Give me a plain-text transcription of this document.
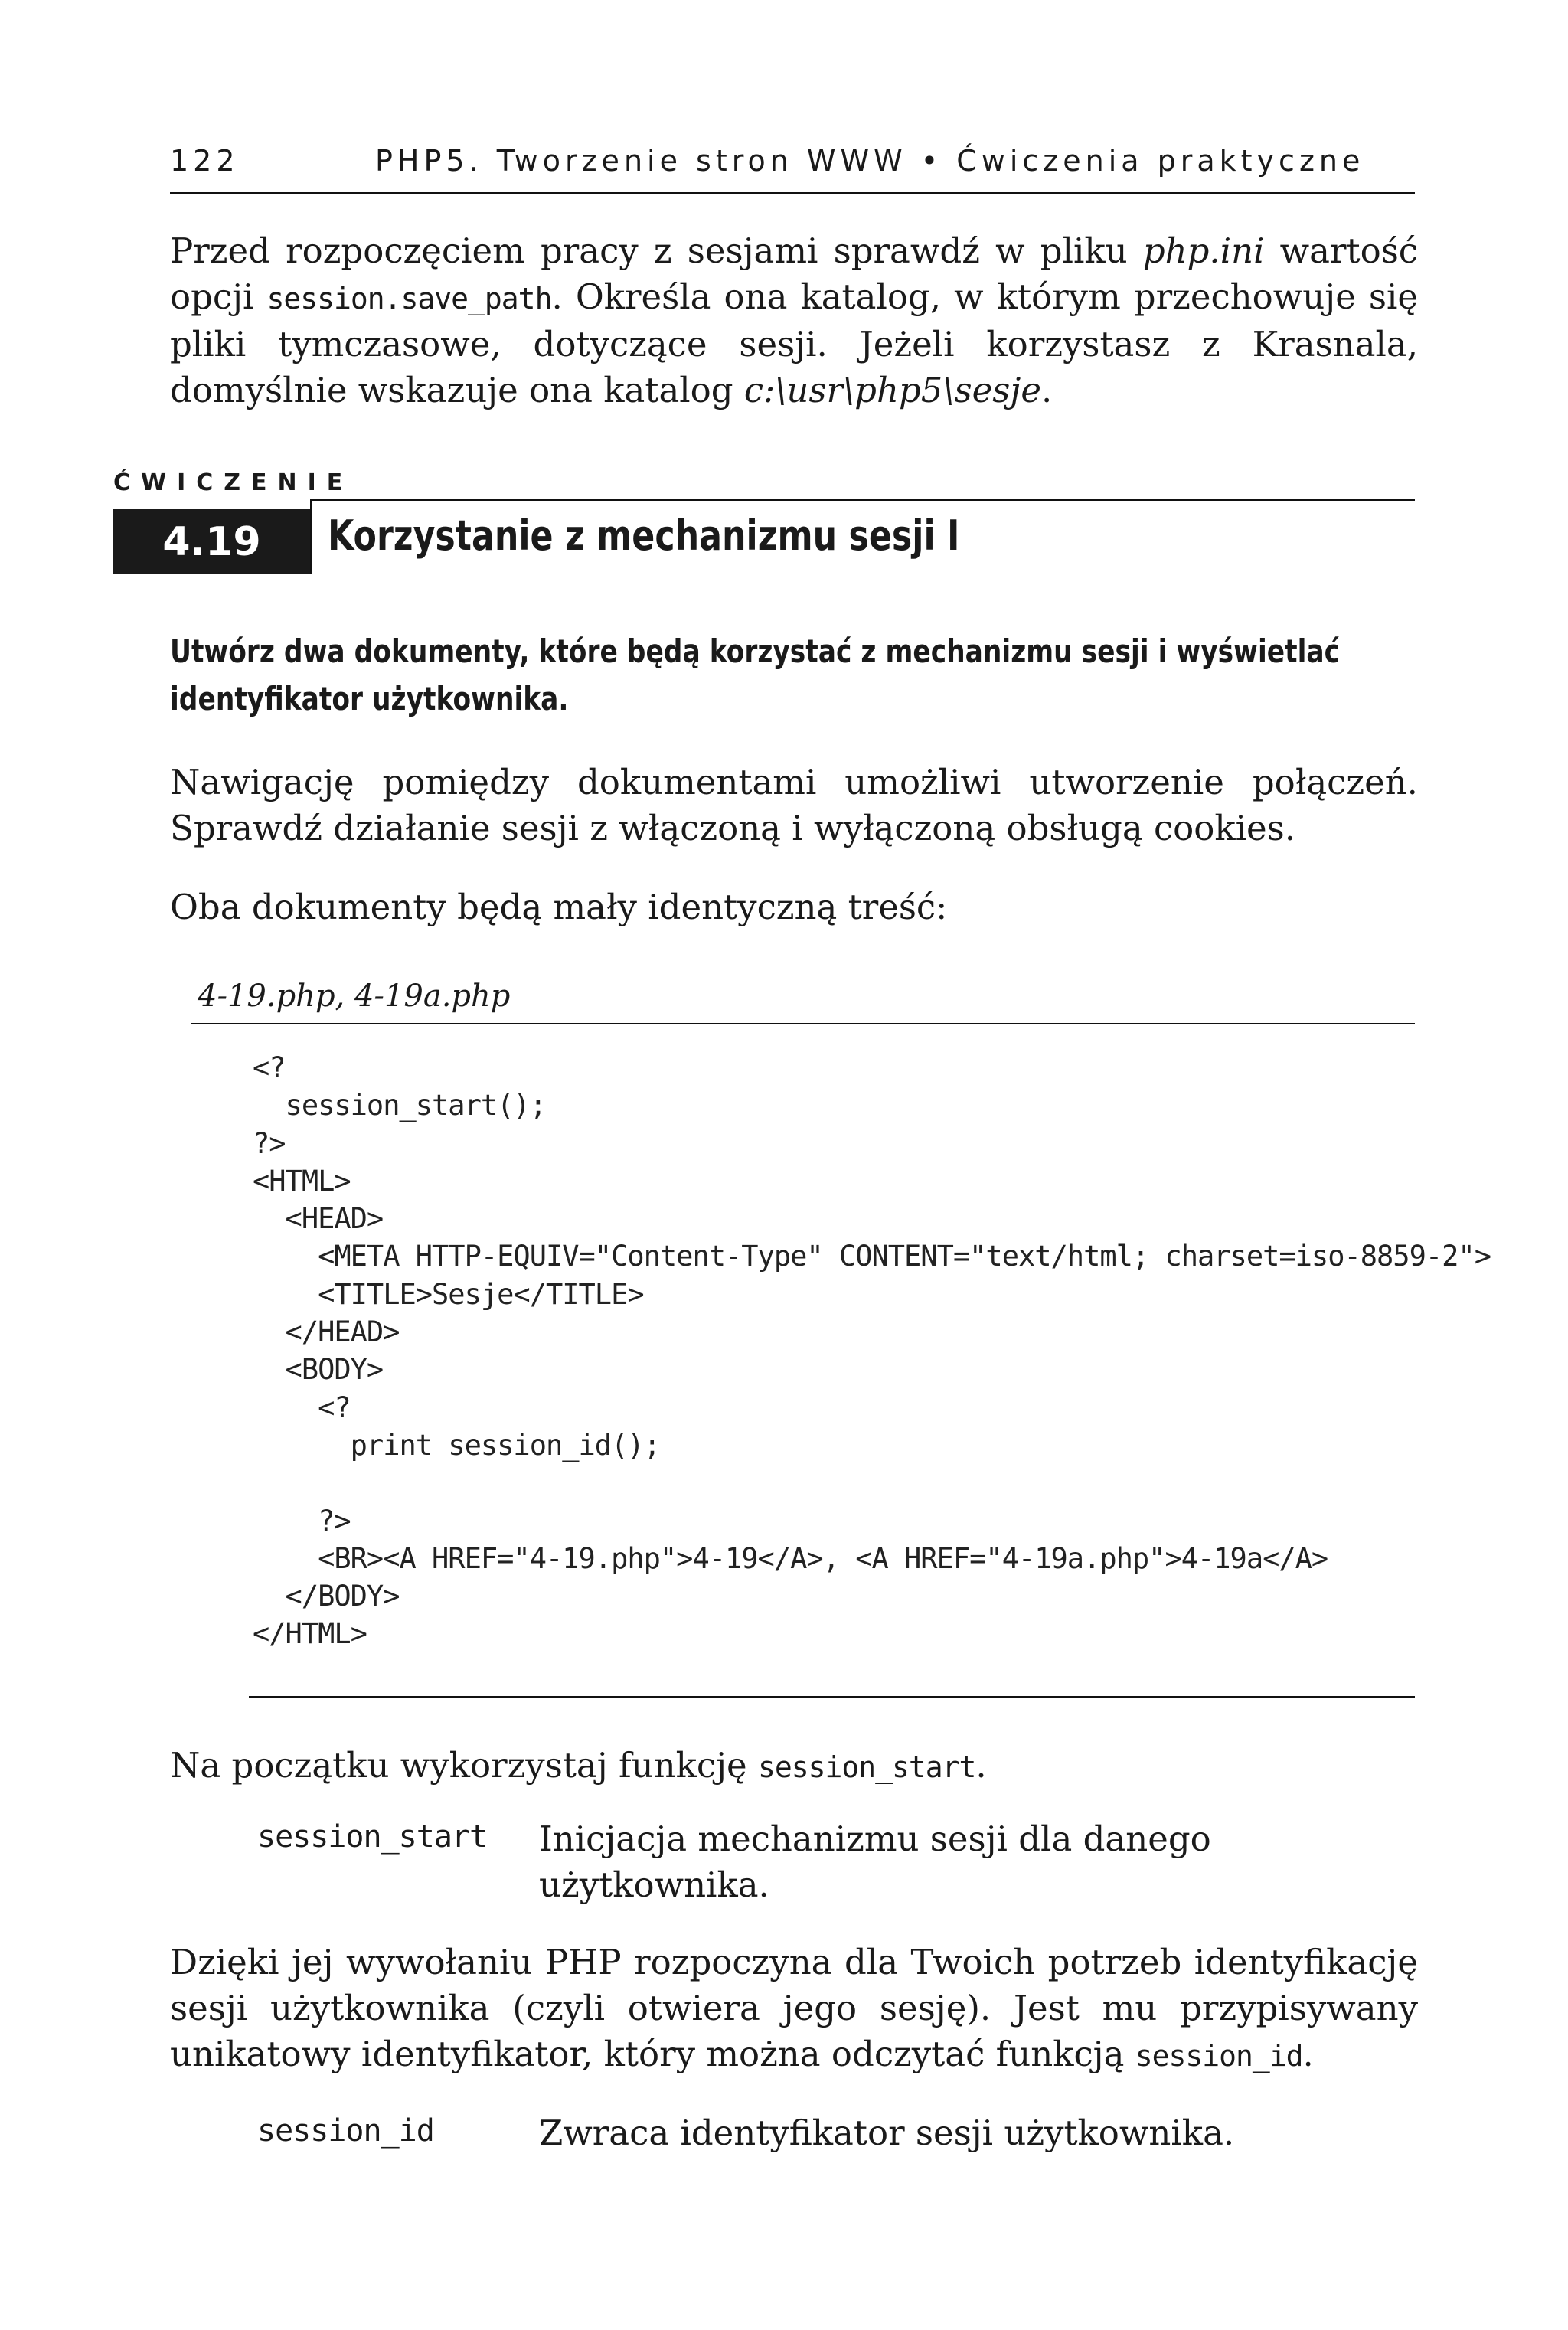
122	PHP5. Tworzenie stron WWW • Ćwiczenia praktyczne

Przed rozpoczęciem pracy z sesjami sprawdź w pliku php.ini wartość opcji session.save_path. Określa ona katalog, w którym przechowuje się pliki tymczasowe, dotyczące sesji. Jeżeli korzystasz z Krasnala, domyślnie wskazuje ona katalog c:\usr\php5\sesje.

ĆWICZENIE
4.19 Korzystanie z mechanizmu sesji I
Utwórz dwa dokumenty, które będą korzystać z mechanizmu sesji i wyświetlać identyfikator użytkownika.

Nawigację pomiędzy dokumentami umożliwi utworzenie połączeń. Sprawdź działanie sesji z włączoną i wyłączoną obsługą cookies.

Oba dokumenty będą mały identyczną treść:

4-19.php, 4-19a.php
<?
session_start();
?>
<HTML>
<HEAD>
<META HTTP-EQUIV="Content-Type" CONTENT="text/html; charset=iso-8859-2">
<TITLE>Sesje</TITLE>
</HEAD>
<BODY>
<?
print session_id();

?>
<BR><A HREF="4-19.php">4-19</A>, <A HREF="4-19a.php">4-19a</A>
</BODY>
</HTML>

Na początku wykorzystaj funkcję session_start.

session_start Inicjacja mechanizmu sesji dla danego użytkownika.

Dzięki jej wywołaniu PHP rozpoczyna dla Twoich potrzeb identyfikację sesji użytkownika (czyli otwiera jego sesję). Jest mu przypisywany unikatowy identyfikator, który można odczytać funkcją session_id.

session_id	Zwraca identyfikator sesji użytkownika.
